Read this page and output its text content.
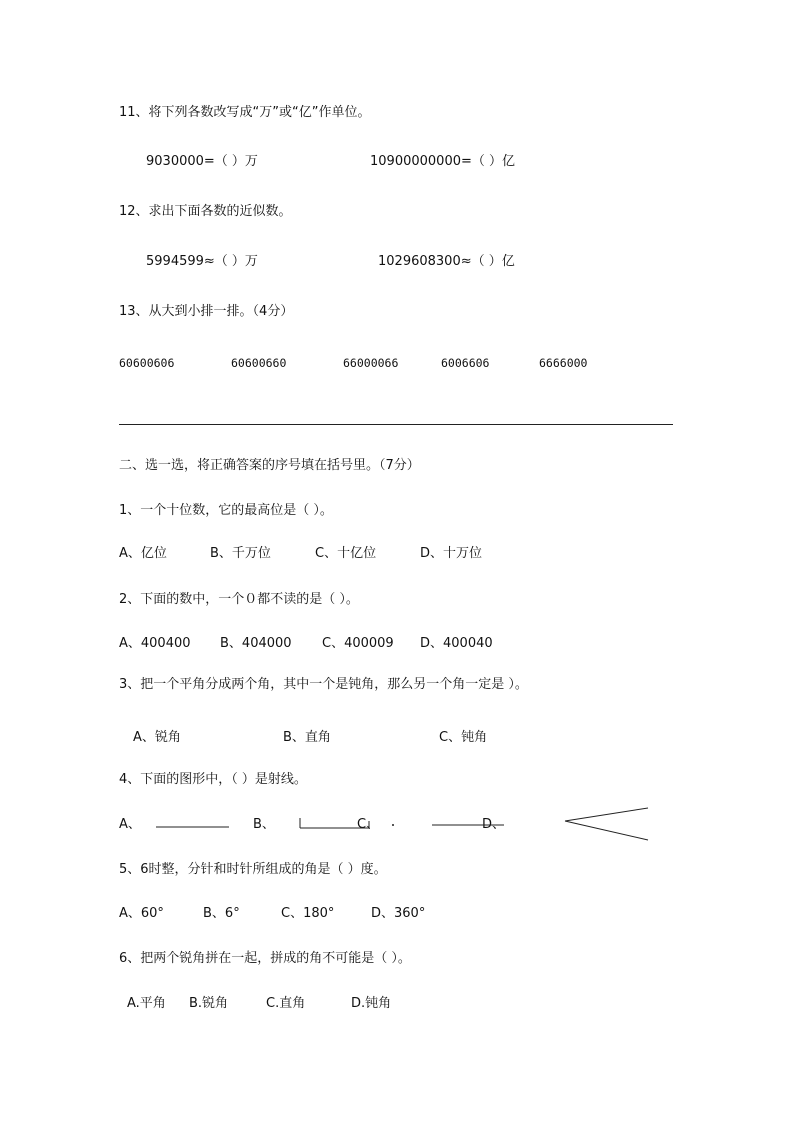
11、将下列各数改写成“万”或“亿”作单位。
9030000=（ ）万	10900000000=（ ）亿
12、求出下面各数的近似数。
5994599≈（ ）万	1029608300≈（ ）亿
13、从大到小排一排。（4分）
60600606	60600660	66000066	6006606	6666000
二、选一选，将正确答案的序号填在括号里。（7分）
1、一个十位数，它的最高位是（ ）。
A、亿位	B、千万位	C、十亿位	D、十万位
2、下面的数中，一个０都不读的是（ ）。
A、400400 B、404000 C、400009 D、400040
3、把一个平角分成两个角，其中一个是钝角，那么另一个角一定是 ）。
A、锐角	B、直角	C、钝角
4、下面的图形中，（ ）是射线。
A、	B、	C、	D、
5、6时整，分针和时针所组成的角是（ ）度。
A、60°	B、6°	C、180°	D、360°
6、把两个锐角拼在一起，拼成的角不可能是（ ）。
A.平角 B.锐角	C.直角	D.钝角
